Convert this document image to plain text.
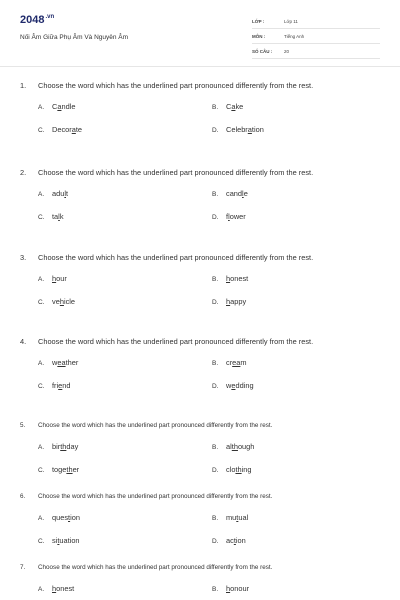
$2048^{.vn}$
Nối Âm Giữa Phụ Âm Và Nguyên Âm
LỚP :	Lớp 11
MÔN :	Tiếng Anh
SỐ CÂU :	20
1. Choose the word which has the underlined part pronounced differently from the rest.
A. Candle	B. Cake
C. Decorate	D. Celebration
2. Choose the word which has the underlined part pronounced differently from the rest.
A. adult	B. candle
C. talk	D. flower
3. Choose the word which has the underlined part pronounced differently from the rest.
A. hour	B. honest
C. vehicle	D. happy
4. Choose the word which has the underlined part pronounced differently from the rest.
A. weather	B. cream
C. friend	D. wedding
5. Choose the word which has the underlined part pronounced differently from the rest.
A. birthday	B. although
C. together	D. clothing
6. Choose the word which has the underlined part pronounced differently from the rest.
A. question	B. mutual
C. situation	D. action
7. Choose the word which has the underlined part pronounced differently from the rest.
A. honest	B. honour
